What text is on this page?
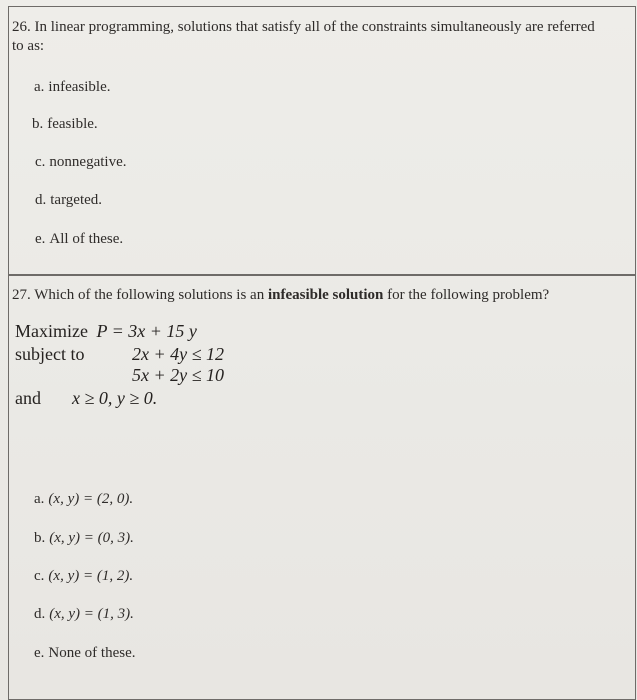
26. In linear programming, solutions that satisfy all of the constraints simultaneously are referred to as:
a. infeasible.
b. feasible.
c. nonnegative.
d. targeted.
e. All of these.
27. Which of the following solutions is an infeasible solution for the following problem?
Maximize P = 3x + 15 y
subject to	2x + 4y ≤ 12
5x + 2y ≤ 10
and x ≥ 0, y ≥ 0.
a. (x, y) = (2, 0).
b. (x, y) = (0, 3).
c. (x, y) = (1, 2).
d. (x, y) = (1, 3).
e. None of these.
